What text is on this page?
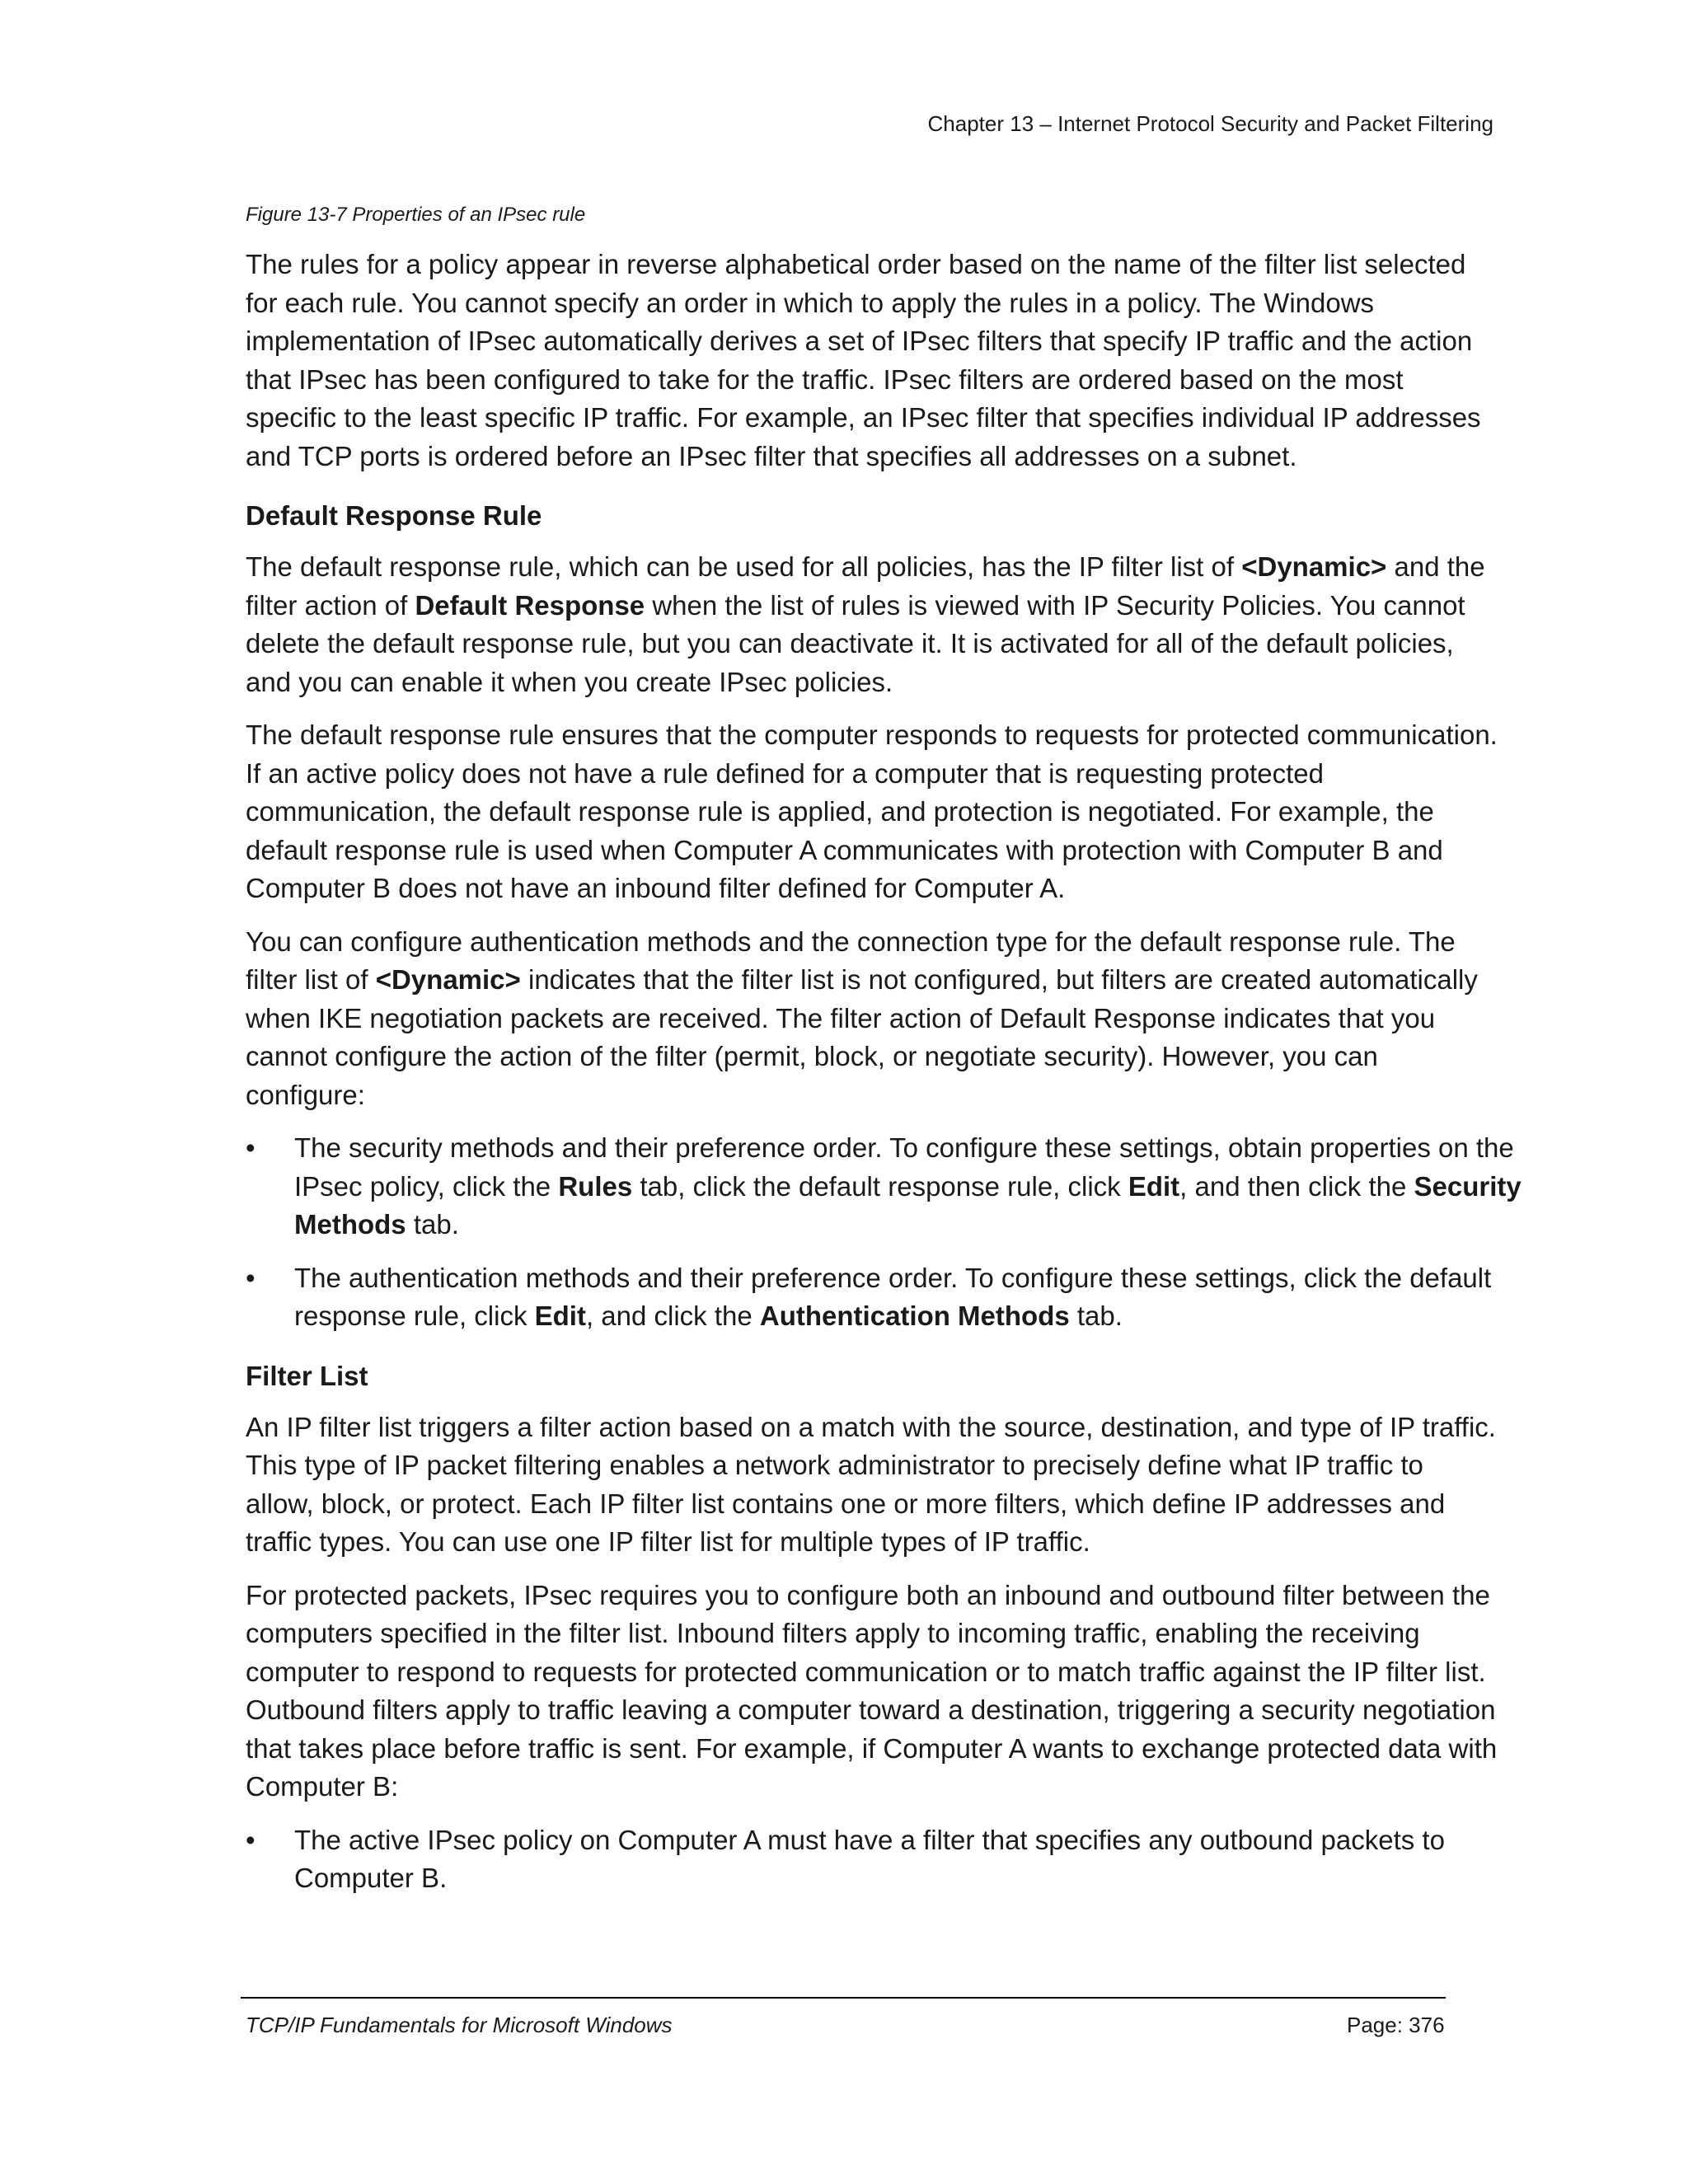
Chapter 13 – Internet Protocol Security and Packet Filtering
Figure 13-7 Properties of an IPsec rule

The rules for a policy appear in reverse alphabetical order based on the name of the filter list selected for each rule. You cannot specify an order in which to apply the rules in a policy. The Windows implementation of IPsec automatically derives a set of IPsec filters that specify IP traffic and the action that IPsec has been configured to take for the traffic. IPsec filters are ordered based on the most specific to the least specific IP traffic. For example, an IPsec filter that specifies individual IP addresses and TCP ports is ordered before an IPsec filter that specifies all addresses on a subnet.

Default Response Rule

The default response rule, which can be used for all policies, has the IP filter list of <Dynamic> and the filter action of Default Response when the list of rules is viewed with IP Security Policies. You cannot delete the default response rule, but you can deactivate it. It is activated for all of the default policies, and you can enable it when you create IPsec policies.

The default response rule ensures that the computer responds to requests for protected communication. If an active policy does not have a rule defined for a computer that is requesting protected communication, the default response rule is applied, and protection is negotiated. For example, the default response rule is used when Computer A communicates with protection with Computer B and Computer B does not have an inbound filter defined for Computer A.

You can configure authentication methods and the connection type for the default response rule. The filter list of <Dynamic> indicates that the filter list is not configured, but filters are created automatically when IKE negotiation packets are received. The filter action of Default Response indicates that you cannot configure the action of the filter (permit, block, or negotiate security). However, you can configure:

•	The security methods and their preference order. To configure these settings, obtain properties on the IPsec policy, click the Rules tab, click the default response rule, click Edit, and then click the Security Methods tab.
•	The authentication methods and their preference order. To configure these settings, click the default response rule, click Edit, and click the Authentication Methods tab.
Filter List

An IP filter list triggers a filter action based on a match with the source, destination, and type of IP traffic. This type of IP packet filtering enables a network administrator to precisely define what IP traffic to allow, block, or protect. Each IP filter list contains one or more filters, which define IP addresses and traffic types. You can use one IP filter list for multiple types of IP traffic.

For protected packets, IPsec requires you to configure both an inbound and outbound filter between the computers specified in the filter list. Inbound filters apply to incoming traffic, enabling the receiving computer to respond to requests for protected communication or to match traffic against the IP filter list. Outbound filters apply to traffic leaving a computer toward a destination, triggering a security negotiation that takes place before traffic is sent. For example, if Computer A wants to exchange protected data with Computer B:

•	The active IPsec policy on Computer A must have a filter that specifies any outbound packets to Computer B.
TCP/IP Fundamentals for Microsoft Windows	Page: 376
